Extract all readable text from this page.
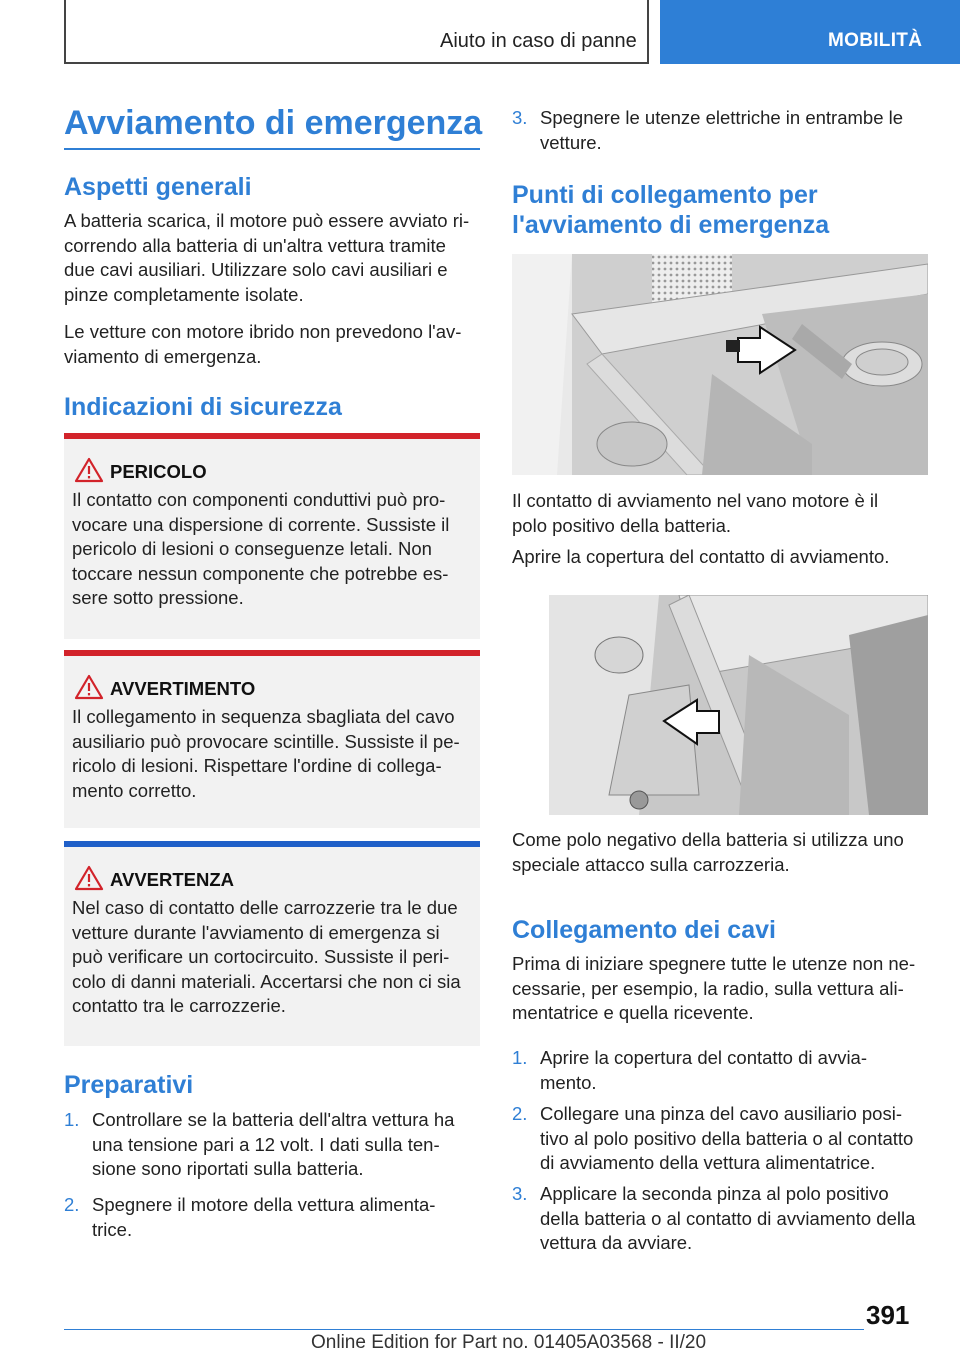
Aiuto in caso di panne	MOBILITÀ
Avviamento di emergenza
Aspetti generali
A batteria scarica, il motore può essere avviato ri-
correndo alla batteria di un'altra vettura tramite
due cavi ausiliari. Utilizzare solo cavi ausiliari e
pinze completamente isolate.
Le vetture con motore ibrido non prevedono l'av-
viamento di emergenza.
Indicazioni di sicurezza
PERICOLO
Il contatto con componenti conduttivi può pro-
vocare una dispersione di corrente. Sussiste il
pericolo di lesioni o conseguenze letali. Non
toccare nessun componente che potrebbe es-
sere sotto pressione.
AVVERTIMENTO
Il collegamento in sequenza sbagliata del cavo
ausiliario può provocare scintille. Sussiste il pe-
ricolo di lesioni. Rispettare l'ordine di collega-
mento corretto.
AVVERTENZA
Nel caso di contatto delle carrozzerie tra le due
vetture durante l'avviamento di emergenza si
può verificare un cortocircuito. Sussiste il peri-
colo di danni materiali. Accertarsi che non ci sia
contatto tra le carrozzerie.
Preparativi
1. Controllare se la batteria dell'altra vettura ha
una tensione pari a 12 volt. I dati sulla ten-
sione sono riportati sulla batteria.
2. Spegnere il motore della vettura alimenta-
trice.
3. Spegnere le utenze elettriche in entrambe le
vetture.
Punti di collegamento per
l'avviamento di emergenza
Il contatto di avviamento nel vano motore è il
polo positivo della batteria.
Aprire la copertura del contatto di avviamento.
Come polo negativo della batteria si utilizza uno
speciale attacco sulla carrozzeria.
Collegamento dei cavi
Prima di iniziare spegnere tutte le utenze non ne-
cessarie, per esempio, la radio, sulla vettura ali-
mentatrice e quella ricevente.
1. Aprire la copertura del contatto di avvia-
mento.
2. Collegare una pinza del cavo ausiliario posi-
tivo al polo positivo della batteria o al contatto
di avviamento della vettura alimentatrice.
3. Applicare la seconda pinza al polo positivo
della batteria o al contatto di avviamento della
vettura da avviare.
391
Online Edition for Part no. 01405A03568 - II/20
